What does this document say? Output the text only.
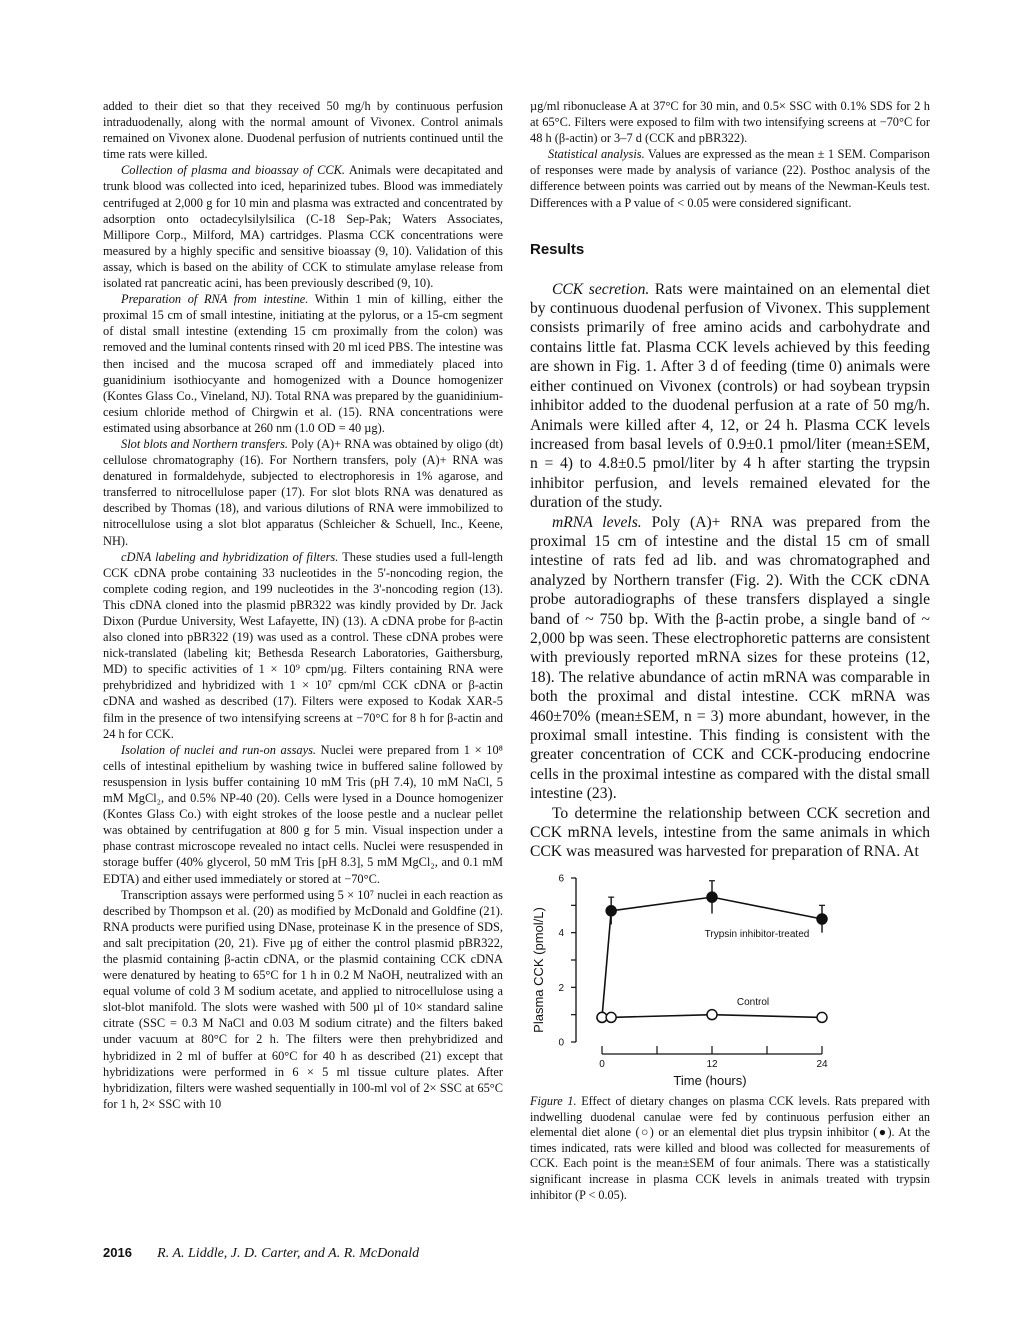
added to their diet so that they received 50 mg/h by continuous perfusion intraduodenally, along with the normal amount of Vivonex. Control animals remained on Vivonex alone. Duodenal perfusion of nutrients continued until the time rats were killed.

Collection of plasma and bioassay of CCK. Animals were decapitated and trunk blood was collected into iced, heparinized tubes. Blood was immediately centrifuged at 2,000 g for 10 min and plasma was extracted and concentrated by adsorption onto octadecylsilylsilica (C-18 Sep-Pak; Waters Associates, Millipore Corp., Milford, MA) cartridges. Plasma CCK concentrations were measured by a highly specific and sensitive bioassay (9, 10). Validation of this assay, which is based on the ability of CCK to stimulate amylase release from isolated rat pancreatic acini, has been previously described (9, 10).

Preparation of RNA from intestine. Within 1 min of killing, either the proximal 15 cm of small intestine, initiating at the pylorus, or a 15-cm segment of distal small intestine (extending 15 cm proximally from the colon) was removed and the luminal contents rinsed with 20 ml iced PBS. The intestine was then incised and the mucosa scraped off and immediately placed into guanidinium isothiocyante and homogenized with a Dounce homogenizer (Kontes Glass Co., Vineland, NJ). Total RNA was prepared by the guanidinium-cesium chloride method of Chirgwin et al. (15). RNA concentrations were estimated using absorbance at 260 nm (1.0 OD = 40 µg).

Slot blots and Northern transfers. Poly (A)+ RNA was obtained by oligo (dt) cellulose chromatography (16). For Northern transfers, poly (A)+ RNA was denatured in formaldehyde, subjected to electrophoresis in 1% agarose, and transferred to nitrocellulose paper (17). For slot blots RNA was denatured as described by Thomas (18), and various dilutions of RNA were immobilized to nitrocellulose using a slot blot apparatus (Schleicher & Schuell, Inc., Keene, NH).

cDNA labeling and hybridization of filters. These studies used a full-length CCK cDNA probe containing 33 nucleotides in the 5'-noncoding region, the complete coding region, and 199 nucleotides in the 3'-noncoding region (13). This cDNA cloned into the plasmid pBR322 was kindly provided by Dr. Jack Dixon (Purdue University, West Lafayette, IN) (13). A cDNA probe for β-actin also cloned into pBR322 (19) was used as a control. These cDNA probes were nick-translated (labeling kit; Bethesda Research Laboratories, Gaithersburg, MD) to specific activities of 1 × 10⁹ cpm/µg. Filters containing RNA were prehybridized and hybridized with 1 × 10⁷ cpm/ml CCK cDNA or β-actin cDNA and washed as described (17). Filters were exposed to Kodak XAR-5 film in the presence of two intensifying screens at −70°C for 8 h for β-actin and 24 h for CCK.

Isolation of nuclei and run-on assays. Nuclei were prepared from 1 × 10⁸ cells of intestinal epithelium by washing twice in buffered saline followed by resuspension in lysis buffer containing 10 mM Tris (pH 7.4), 10 mM NaCl, 5 mM MgCl₂, and 0.5% NP-40 (20). Cells were lysed in a Dounce homogenizer (Kontes Glass Co.) with eight strokes of the loose pestle and a nuclear pellet was obtained by centrifugation at 800 g for 5 min. Visual inspection under a phase contrast microscope revealed no intact cells. Nuclei were resuspended in storage buffer (40% glycerol, 50 mM Tris [pH 8.3], 5 mM MgCl₂, and 0.1 mM EDTA) and either used immediately or stored at −70°C.

Transcription assays were performed using 5 × 10⁷ nuclei in each reaction as described by Thompson et al. (20) as modified by McDonald and Goldfine (21). RNA products were purified using DNase, proteinase K in the presence of SDS, and salt precipitation (20, 21). Five µg of either the control plasmid pBR322, the plasmid containing β-actin cDNA, or the plasmid containing CCK cDNA were denatured by heating to 65°C for 1 h in 0.2 M NaOH, neutralized with an equal volume of cold 3 M sodium acetate, and applied to nitrocellulose using a slot-blot manifold. The slots were washed with 500 µl of 10× standard saline citrate (SSC = 0.3 M NaCl and 0.03 M sodium citrate) and the filters baked under vacuum at 80°C for 2 h. The filters were then prehybridized and hybridized in 2 ml of buffer at 60°C for 40 h as described (21) except that hybridizations were performed in 6 × 5 ml tissue culture plates. After hybridization, filters were washed sequentially in 100-ml vol of 2× SSC at 65°C for 1 h, 2× SSC with 10

µg/ml ribonuclease A at 37°C for 30 min, and 0.5× SSC with 0.1% SDS for 2 h at 65°C. Filters were exposed to film with two intensifying screens at −70°C for 48 h (β-actin) or 3–7 d (CCK and pBR322).

Statistical analysis. Values are expressed as the mean ± 1 SEM. Comparison of responses were made by analysis of variance (22). Posthoc analysis of the difference between points was carried out by means of the Newman-Keuls test. Differences with a P value of < 0.05 were considered significant.

Results

CCK secretion. Rats were maintained on an elemental diet by continuous duodenal perfusion of Vivonex. This supplement consists primarily of free amino acids and carbohydrate and contains little fat. Plasma CCK levels achieved by this feeding are shown in Fig. 1. After 3 d of feeding (time 0) animals were either continued on Vivonex (controls) or had soybean trypsin inhibitor added to the duodenal perfusion at a rate of 50 mg/h. Animals were killed after 4, 12, or 24 h. Plasma CCK levels increased from basal levels of 0.9±0.1 pmol/liter (mean±SEM, n = 4) to 4.8±0.5 pmol/liter by 4 h after starting the trypsin inhibitor perfusion, and levels remained elevated for the duration of the study.

mRNA levels. Poly (A)+ RNA was prepared from the proximal 15 cm of intestine and the distal 15 cm of small intestine of rats fed ad lib. and was chromatographed and analyzed by Northern transfer (Fig. 2). With the CCK cDNA probe autoradiographs of these transfers displayed a single band of ~ 750 bp. With the β-actin probe, a single band of ~ 2,000 bp was seen. These electrophoretic patterns are consistent with previously reported mRNA sizes for these proteins (12, 18). The relative abundance of actin mRNA was comparable in both the proximal and distal intestine. CCK mRNA was 460±70% (mean±SEM, n = 3) more abundant, however, in the proximal small intestine. This finding is consistent with the greater concentration of CCK and CCK-producing endocrine cells in the proximal intestine as compared with the distal small intestine (23).

To determine the relationship between CCK secretion and CCK mRNA levels, intestine from the same animals in which CCK was measured was harvested for preparation of RNA. At

0
2
4
6
0	12	24
Plasma CCK (pmol/L)
Time (hours)
Trypsin inhibitor-treated
Control

Figure 1. Effect of dietary changes on plasma CCK levels. Rats prepared with indwelling duodenal canulae were fed by continuous perfusion either an elemental diet alone (○) or an elemental diet plus trypsin inhibitor (●). At the times indicated, rats were killed and blood was collected for measurements of CCK. Each point is the mean±SEM of four animals. There was a statistically significant increase in plasma CCK levels in animals treated with trypsin inhibitor (P < 0.05).

2016 R. A. Liddle, J. D. Carter, and A. R. McDonald
